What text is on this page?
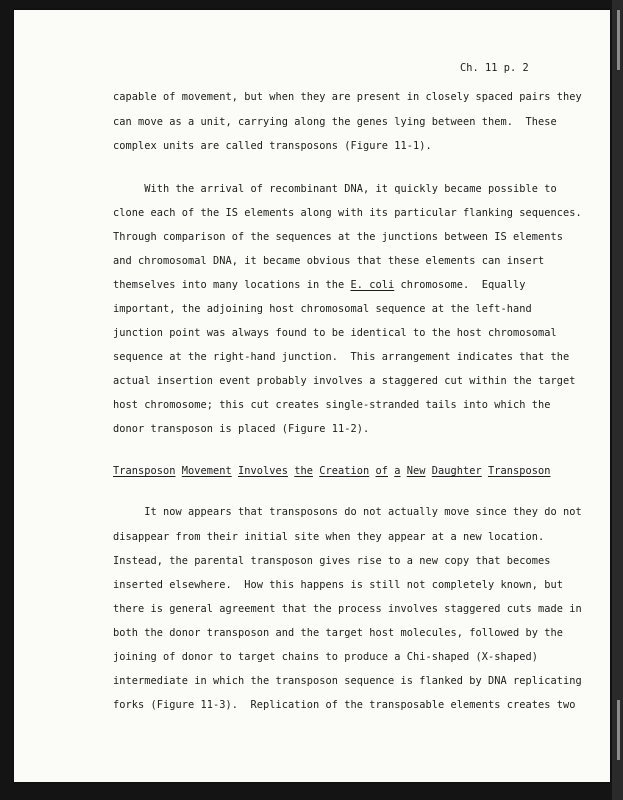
Ch. 11 p. 2
capable of movement, but when they are present in closely spaced pairs they
can move as a unit, carrying along the genes lying between them.  These
complex units are called transposons (Figure 11-1).
With the arrival of recombinant DNA, it quickly became possible to
clone each of the IS elements along with its particular flanking sequences.
Through comparison of the sequences at the junctions between IS elements
and chromosomal DNA, it became obvious that these elements can insert
themselves into many locations in the E. coli chromosome.  Equally
important, the adjoining host chromosomal sequence at the left-hand
junction point was always found to be identical to the host chromosomal
sequence at the right-hand junction.  This arrangement indicates that the
actual insertion event probably involves a staggered cut within the target
host chromosome; this cut creates single-stranded tails into which the
donor transposon is placed (Figure 11-2).
Transposon Movement Involves the Creation of a New Daughter Transposon
It now appears that transposons do not actually move since they do not
disappear from their initial site when they appear at a new location.
Instead, the parental transposon gives rise to a new copy that becomes
inserted elsewhere.  How this happens is still not completely known, but
there is general agreement that the process involves staggered cuts made in
both the donor transposon and the target host molecules, followed by the
joining of donor to target chains to produce a Chi-shaped (X-shaped)
intermediate in which the transposon sequence is flanked by DNA replicating
forks (Figure 11-3).  Replication of the transposable elements creates two
